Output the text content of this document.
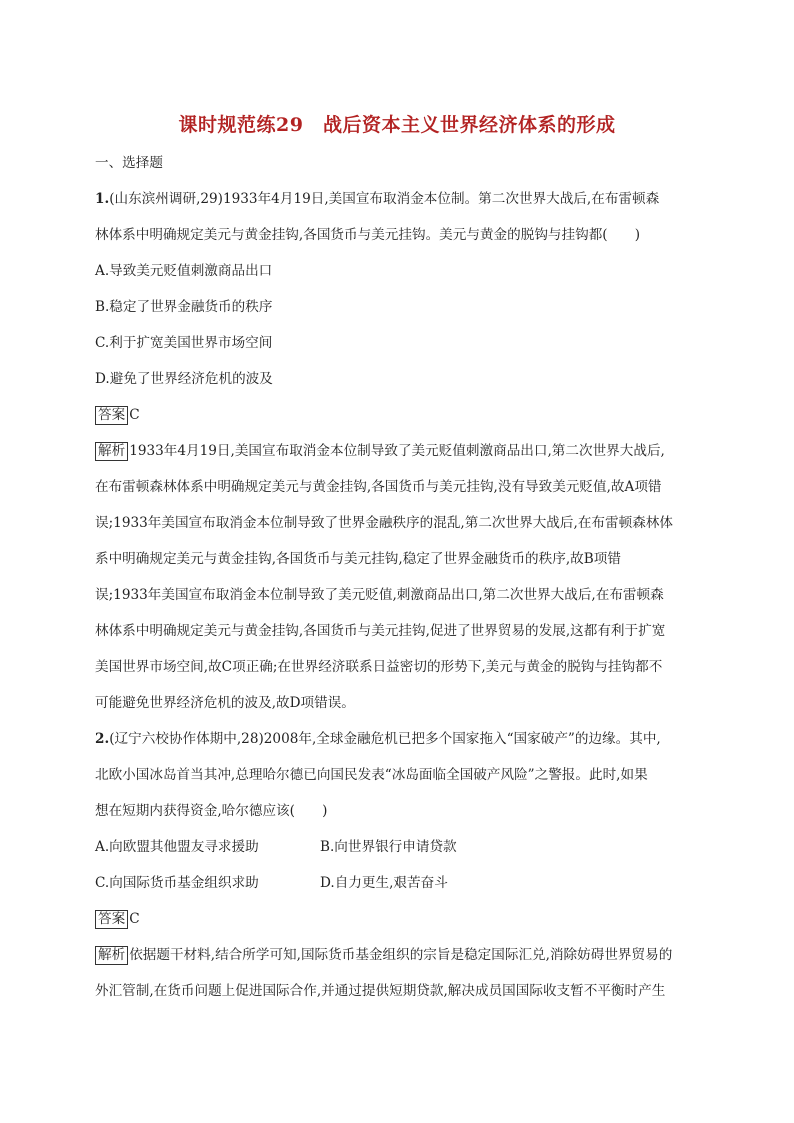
课时规范练29　战后资本主义世界经济体系的形成
一、选择题
1.(山东滨州调研,29)1933年4月19日,美国宣布取消金本位制。第二次世界大战后,在布雷顿森
林体系中明确规定美元与黄金挂钩,各国货币与美元挂钩。美元与黄金的脱钩与挂钩都(　　)
A.导致美元贬值刺激商品出口
B.稳定了世界金融货币的秩序
C.利于扩宽美国世界市场空间
D.避免了世界经济危机的波及
答案 C
解析 1933年4月19日,美国宣布取消金本位制导致了美元贬值刺激商品出口,第二次世界大战后,
在布雷顿森林体系中明确规定美元与黄金挂钩,各国货币与美元挂钩,没有导致美元贬值,故A项错
误;1933年美国宣布取消金本位制导致了世界金融秩序的混乱,第二次世界大战后,在布雷顿森林体
系中明确规定美元与黄金挂钩,各国货币与美元挂钩,稳定了世界金融货币的秩序,故B项错
误;1933年美国宣布取消金本位制导致了美元贬值,刺激商品出口,第二次世界大战后,在布雷顿森
林体系中明确规定美元与黄金挂钩,各国货币与美元挂钩,促进了世界贸易的发展,这都有利于扩宽
美国世界市场空间,故C项正确;在世界经济联系日益密切的形势下,美元与黄金的脱钩与挂钩都不
可能避免世界经济危机的波及,故D项错误。
2.(辽宁六校协作体期中,28)2008年,全球金融危机已把多个国家拖入“国家破产”的边缘。其中,
北欧小国冰岛首当其冲,总理哈尔德已向国民发表“冰岛面临全国破产风险”之警报。此时,如果
想在短期内获得资金,哈尔德应该(　　)
A.向欧盟其他盟友寻求援助	B.向世界银行申请贷款
C.向国际货币基金组织求助	D.自力更生,艰苦奋斗
答案 C
解析 依据题干材料,结合所学可知,国际货币基金组织的宗旨是稳定国际汇兑,消除妨碍世界贸易的
外汇管制,在货币问题上促进国际合作,并通过提供短期贷款,解决成员国国际收支暂不平衡时产生
